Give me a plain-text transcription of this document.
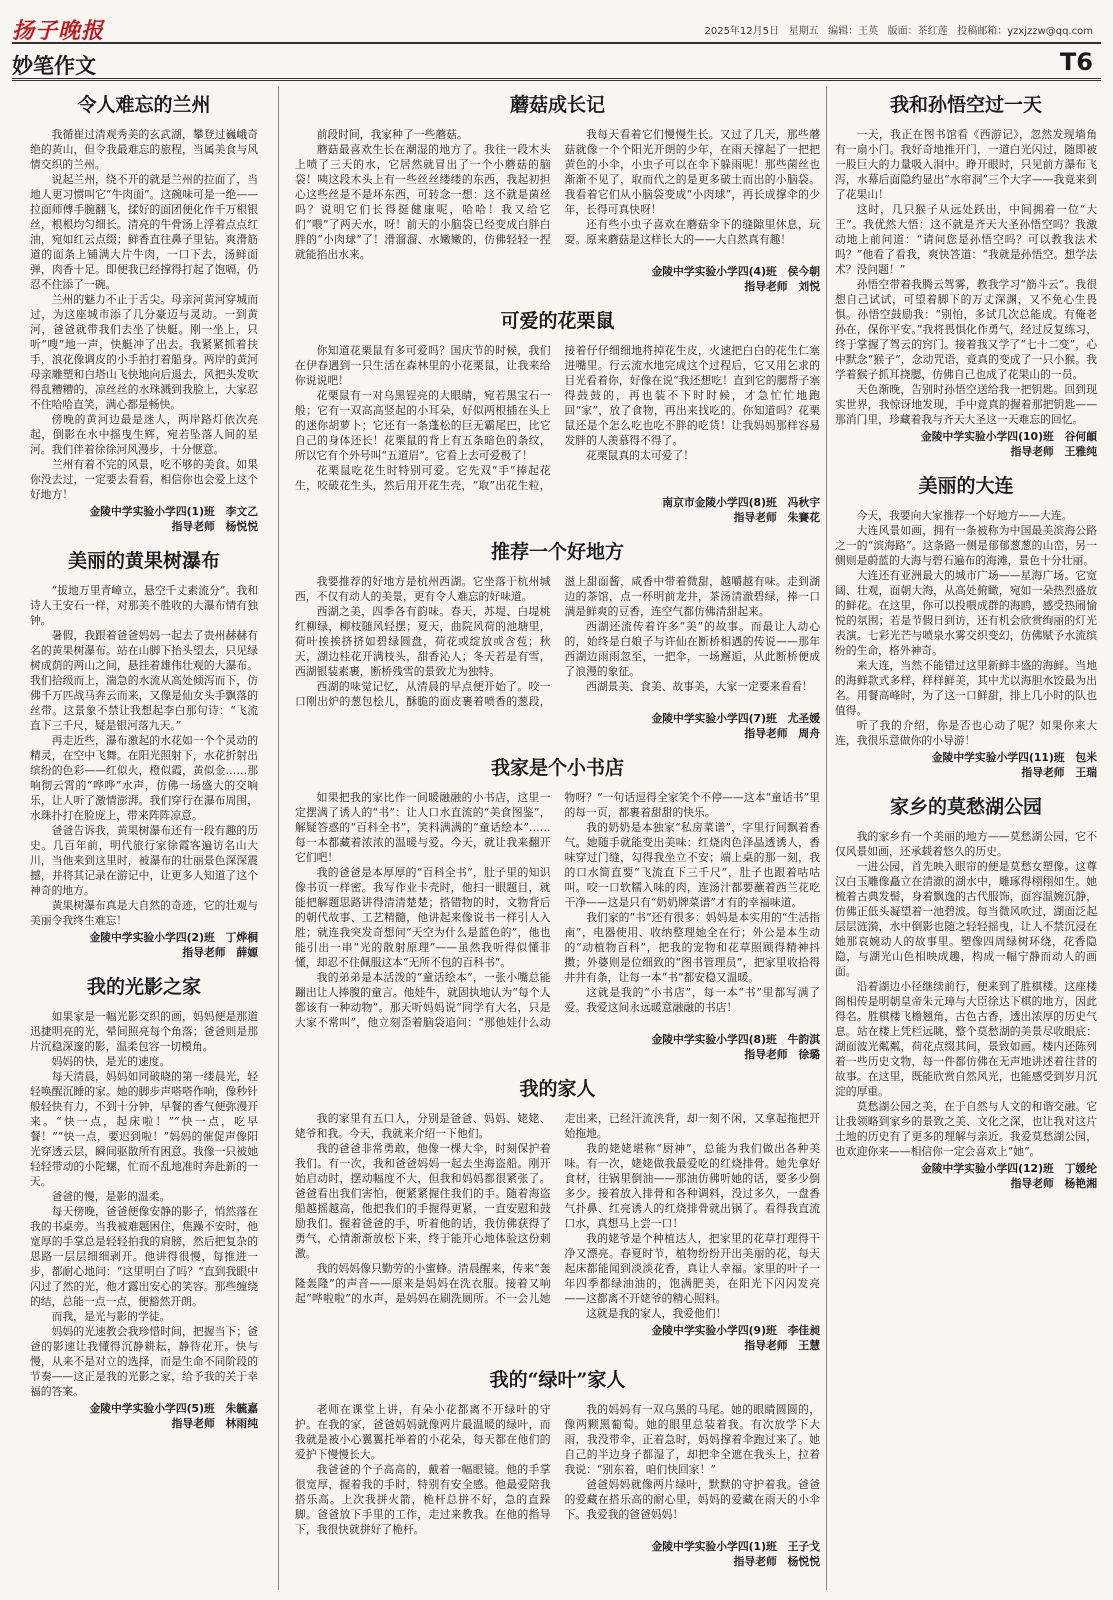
扬子晚报	2025年12月5日 星期五 编辑：王英 版面：茶红莲 投稿邮箱：yzxjzzw@qq.com
妙笔作文	T6
令人难忘的兰州

我循崔过清观秀美的玄武湖，攀登过巍峨奇绝的黄山，但令我最难忘的旅程，当属美食与风情交织的兰州。

说起兰州，绕不开的就是兰州的拉面了，当地人更习惯叫它“牛肉面”。这碗味可是一绝——拉面师傅手腕翻飞，揉好的面团便化作千万根银丝，根根均匀细长。清亮的牛骨汤上浮着点点红油，宛如红云点缀；鲜香直往鼻子里钻。爽滑筋道的面条上铺满大片牛肉，一口下去，汤鲜面弹，肉香十足。即便我已经撑得打起了饱嗝，仍忍不住添了一碗。

兰州的魅力不止于舌尖。母亲河黄河穿城而过，为这座城市添了几分豪迈与灵动。一到黄河，爸爸就带我们去坐了快艇。刚一坐上，只听“嗖”地一声，快艇冲了出去。我紧紧抓着扶手，浪花像调皮的小手拍打着船身。两岸的黄河母亲雕塑和白塔山飞快地向后退去，风把头发吹得乱糟糟的，凉丝丝的水珠溅到我脸上，大家忍不住哈哈直笑，满心都是畅快。

傍晚的黄河边最是迷人，两岸路灯依次亮起，倒影在水中摇曳生辉，宛若坠落人间的星河。我们伴着徐徐河风漫步，十分惬意。

兰州有着不完的风景，吃不够的美食。如果你没去过，一定要去看看，相信你也会爱上这个好地方！

金陵中学实验小学四(1)班　李文乙
指导老师　杨悦悦
美丽的黄果树瀑布

“拔地万里青嶂立，悬空千丈素流分”。我和诗人王安石一样，对那美不胜收的大瀑布情有独钟。

暑假，我跟着爸爸妈妈一起去了贵州赫赫有名的黄果树瀑布。站在山脚下抬头望去，只见绿树成荫的两山之间，悬挂着雄伟壮观的大瀑布。我们拾级而上，湍急的水流从高处倾泻而下，仿佛千万匹战马奔云而来，又像是仙女头手飘落的丝带。这景象不禁让我想起李白那句诗：“飞流直下三千尺，疑是银河落九天。”

再走近些，瀑布激起的水花如一个个灵动的精灵，在空中飞舞。在阳光照射下，水花折射出缤纷的色彩——红似火，橙似霞，黄似金……那响彻云霄的“哗哗”水声，仿佛一场盛大的交响乐，让人听了激情澎湃。我们穿行在瀑布周围，水珠扑打在脸庞上，带来阵阵凉意。

爸爸告诉我，黄果树瀑布还有一段有趣的历史。几百年前，明代旅行家徐霞客遍访名山大川，当他来到这里时，被瀑布的壮丽景色深深震撼，并将其记录在游记中，让更多人知道了这个神奇的地方。

黄果树瀑布真是大自然的奇迹，它的壮观与美丽令我终生难忘！

金陵中学实验小学四(2)班　丁烨桐
指导老师　薛嫄
我的光影之家

如果家是一幅光影交织的画，妈妈便是那道迅捷明亮的光，晕间照亮每个角落；爸爸则是那片沉稳深邃的影，温柔包容一切模角。

妈妈的快，是光的速度。

每天清晨，妈妈如同破晓的第一缕晨光，轻轻唤醒沉睡的家。她的脚步声嗒嗒作响，像秒针般轻快有力，不到十分钟，早餐的香气便弥漫开来。“快一点，起床啦！”“快一点，吃早餐！”“快一点，要迟到啦！”妈妈的催促声像阳光穿透云层，瞬间驱散所有困意。我像一只被她轻轻带动的小陀螺，忙而不乱地准时奔赴新的一天。

爸爸的慢，是影的温柔。

每天傍晚，爸爸便像安静的影子，悄然落在我的书桌旁。当我被难题困住，焦躁不安时，他宽厚的手掌总是轻轻拍我的肩膀，然后把复杂的思路一层层细细剥开。他讲得很慢，每推进一步，都耐心地问：“这里明白了吗？”直到我眼中闪过了然的光，他才露出安心的笑容。那些缠绕的结，总能一点一点，便豁然开朗。

而我，是光与影的学徒。

妈妈的光速教会我珍惜时间，把握当下；爸爸的影速让我懂得沉静耕耘，静待花开。快与慢，从来不是对立的选择，而是生命不同阶段的节奏——这正是我的光影之家，给予我的关于幸福的答案。

金陵中学实验小学四(5)班　朱毓嘉
指导老师　林雨纯
蘑菇成长记

前段时间，我家种了一些蘑菇。

蘑菇最喜欢生长在潮湿的地方了。我往一段木头上喷了三天的水，它居然就冒出了一个小蘑菇的脑袋！咦这段木头上有一些丝丝缕缕的东西，我起初担心这些丝是不是坏东西，可转念一想：这不就是菌丝吗？说明它们长得挺健康呢，哈哈！我又给它们“喂”了两天水，呀！前天的小脑袋已经变成白胖白胖的“小肉球”了！滑溜溜、水嫩嫩的，仿佛轻轻一捏就能掐出水来。

我每天看着它们慢慢生长。又过了几天，那些蘑菇就像一个个阳光开朗的少年，在雨天撑起了一把把黄色的小伞，小虫子可以在伞下躲雨呢！那些菌丝也渐渐不见了，取而代之的是更多破土而出的小脑袋。我看着它们从小脑袋变成“小肉球”，再长成撑伞的少年，长得可真快呀！

还有些小虫子喜欢在蘑菇伞下的缝隙里休息，玩耍。原来蘑菇是这样长大的——大自然真有趣！

金陵中学实验小学四(4)班　侯今朝
指导老师　刘悦
可爱的花栗鼠

你知道花栗鼠有多可爱吗？国庆节的时候，我们在伊春遇到一只生活在森林里的小花栗鼠，让我来给你说说吧！

花栗鼠有一对乌黑锃亮的大眼睛，宛若黑宝石一般；它有一双高高竖起的小耳朵，好似两根插在头上的迷你胡萝卜；它还有一条蓬松的巨无霸尾巴，比它自己的身体还长！花栗鼠的背上有五条暗色的条纹，所以它有个外号叫“五道眉”。它看上去可爱极了！

花栗鼠吃花生时特别可爱。它先双“手”捧起花生，咬破花生头，然后用开花生壳，“取”出花生粒，接着仔仔细细地将掉花生皮，火速把白白的花生仁塞进嘴里。行云流水地完成这个过程后，它又用乞求的目光看着你，好像在说“我还想吃！直到它的腮帮子塞得鼓鼓的，再也装不下时时候，才急忙忙地跑回“家”，放了食物，再出来找吃的。你知道吗？花栗鼠还是个怎么吃也吃不胖的吃货！让我妈妈那样容易发胖的人羡慕得不得了。

花栗鼠真的太可爱了！

南京市金陵小学四(8)班　冯秋宇
指导老师　朱賽花
推荐一个好地方

我要推荐的好地方是杭州西湖。它坐落于杭州城西，不仅有动人的美景，更有令人难忘的好味道。

西湖之美，四季各有韵味。春天，苏堤、白堤桃红柳绿，柳枝随风轻摆；夏天，曲院风荷的池塘里，荷叶挨挨挤挤如碧绿圆盘，荷花或绽放或含苞；秋天，湖边桂花开满枝头，甜香沁人；冬天若是有雪，西湖银装素裹，断桥残雪的景致尤为独特。

西湖的味觉记忆，从清晨的早点便开始了。咬一口刚出炉的葱包桧儿，酥脆的面皮裹着喷香的葱段，滋上甜面酱，咸香中带着微甜，越嚼越有味。走到湖边的茶馆，点一杯明前龙井，茶汤清澈碧绿，捧一口满是鲜爽的豆香，连空气都仿佛清甜起来。

西湖还流传着许多“美”的故事。而最让人动心的，始终是白娘子与许仙在断桥相遇的传说——那年西湖边雨雨忽至，一把伞，一场邂逅，从此断桥便成了浪漫的象征。

西湖景美、食美、故事美，大家一定要来看看！

金陵中学实验小学四(7)班　尤圣媛
指导老师　周舟
我家是个小书店

如果把我的家比作一间暖融融的小书店，这里一定摆满了诱人的“书”：让人口水直流的“美食图鉴”，解疑答惑的“百科全书”，笑料满满的“童话绘本”……每一本都藏着浓浓的温暖与爱。今天，就让我来翻开它们吧！

我的爸爸是本厚厚的“百科全书”，肚子里的知识像书页一样密。我写作业卡壳时，他扫一眼题目，就能把解题思路讲得清清楚楚；搭错物的时，文物背后的朝代故事、工艺精髓，他讲起来像说书一样引人入胜；就连我突发奇想问“天空为什么是蓝色的”，他也能引出一串“光的散射原理”——虽然我听得似懂非懂，却忍不住佩服这本“无所不包的百科书”。

我的弟弟是本活泼的“童话绘本”，一张小嘴总能蹦出让人捧腹的童言。他娃牛，就固执地认为“每个人都该有一种动物”。那天听妈妈说“同学有大名，只是大家不常叫”，他立刻歪着脑袋追问：“那他娃什么动物呀？”一句话逗得全家笑个不停——这本“童话书”里的每一页，都裹着甜甜的快乐。

我的奶奶是本独家“私房菜谱”，字里行间飘着香气。她随手就能变出美味：红烧肉色泽晶透诱人，香味穿过门缝，勾得我坐立不安；端上桌的那一刻，我的口水简直要“飞流直下三千尺”，肚子也跟着咕咕叫。咬一口软糯入味的肉，连汤汁都要蘸着西兰花吃干净——这是只有“奶奶牌菜谱”才有的幸福味道。

我们家的“书”还有很多：妈妈是本实用的“生活指南”，电器使用、收纳整理她全在行；外公是本生动的“动植物百科”，把我的宠物和花草照顾得精神抖擞；外婆则是位细致的“图书管理员”，把家里收拾得井井有条，让每一本“书”都安稳又温暖。

这就是我的“小书店”，每一本“书”里都写满了爱。我爱这间永远暖意融融的书店！

金陵中学实验小学四(8)班　牛韵淇
指导老师　徐璐
我的家人

我的家里有五口人，分别是爸爸、妈妈、姥姥、姥爷和我。今天，我就来介绍一下他们。

我的爸爸非常勇敢，他像一棵大伞，时刻保护着我们。有一次，我和爸爸妈妈一起去坐海盗船。刚开始启动时，摆动幅度不大，但我和妈妈都很紧张了。爸爸看出我们害怕，便紧紧握住我们的手。随着海盗船越摇越高，他把我们的手握得更紧，一直安慰和鼓励我们。握着爸爸的手，听着他的话，我仿佛获得了勇气，心情渐渐放松下来，终于能开心地体验这份刺激。

我的妈妈像只勤劳的小蜜蜂。清晨醒来，传来“轰隆轰隆”的声音——原来是妈妈在洗衣服。接着又响起“哗啦啦”的水声，是妈妈在刷洗厕所。不一会儿她走出来，已经汗流浃背，却一刻不闲，又拿起拖把开始拖地。

我的姥姥堪称“厨神”，总能为我们做出各种美味。有一次，姥姥做我最爱吃的红烧排骨。她先拿好食材，往锅里倒油——那油仿佛听她的话，要多少倒多少。接着放入排骨和各种调料，没过多久，一盘香气扑鼻、红亮诱人的红烧排骨就出锅了。看得我直流口水，真想马上尝一口！

我的姥爷是个种植达人，把家里的花草打理得干净又漂亮。春夏时节，植物纷纷开出美丽的花，每天起床都能闻到淡淡花香，真让人幸福。家里的叶子一年四季都绿油油的，饱满肥美，在阳光下闪闪发亮——这都离不开姥爷的精心照料。

这就是我的家人，我爱他们！

金陵中学实验小学四(9)班　李佳昶
指导老师　王慧
我的“绿叶”家人

老师在课堂上讲，有朵小花都离不开绿叶的守护。在我的家，爸爸妈妈就像两片最温暖的绿叶，而我就是被小心翼翼托举着的小花朵，每天都在他们的爱护下慢慢长大。

我爸爸的个子高高的，戴着一幅眼镜。他的手掌很宽厚，握着我的手时，特别有安全感。他最爱陪我搭乐高。上次我拼火箭，桅杆总拼不好，急的直跺脚。爸爸放下手里的工作，走过来教我。在他的指导下，我很快就拼好了桅杆。

我的妈妈有一双乌黑的马尾。她的眼睛圆圆的，像两颗黑葡萄。她的眼里总装着我。有次放学下大雨，我没带伞，正着急时，妈妈撑着伞跑过来了。她自己的半边身子都湿了，却把伞全遮在我头上，拉着我说：“别东着，咱们快回家！”

爸爸妈妈就像两片绿叶，默默的守护着我。爸爸的爱藏在搭乐高的耐心里，妈妈的爱藏在雨天的小伞下。我爱我的爸爸妈妈！

金陵中学实验小学四(1)班　王子戈
指导老师　杨悦悦
我和孙悟空过一天

一天，我正在图书馆看《西游记》，忽然发现墙角有一扇小门。我好奇地推开门，一道白光闪过，随即被一股巨大的力量吸入洞中。睁开眼时，只见前方瀑布飞泻，水幕后面隐约显出“水帘洞”三个大字——我竟来到了花果山！

这时，几只猴子从远处跃出，中间拥着一位“大王”。我优然大悟：这不就是齐天大圣孙悟空吗？我激动地上前问道：“请问您是孙悟空吗？可以教我法术吗？”他看了看我，爽快答道：“我就是孙悟空。想学法术？没问题！”

孙悟空带着我腾云驾雾，教我学习“筋斗云”。我很想自己试试，可望着脚下的万丈深渊，又不免心生畏惧。孙悟空鼓励我：“别怕，多试几次总能成。有俺老孙在，保你平安。”我将畏惧化作勇气，经过反复练习，终于掌握了驾云的窍门。接着我又学了“七十二变”，心中默念“猴子”，念动咒语，竟真的变成了一只小猴。我学着猴子抓耳挠腮，仿佛自己也成了花果山的一员。

天色渐晚，告别时孙悟空送给我一把钥匙。回到现实世界，我惊讶地发现，手中竟真的握着那把钥匙——那消门里，珍藏着我与齐天大圣这一天难忘的回忆。

金陵中学实验小学四(10)班　谷何頔
指导老师　王雅纯
美丽的大连

今天，我要向大家推荐一个好地方——大连。

大连风景如画，拥有一条被称为中国最美滨海公路之一的“滨海路”。这条路一侧是郁郁葱葱的山峦，另一侧则是蔚蓝的大海与碧石遍布的海滩，景色十分壮丽。

大连还有亚洲最大的城市广场——星海广场。它宽阔、壮观，面朝大海，从高处俯瞰，宛如一朵热烈盛放的鲜花。在这里，你可以投喂成群的海鸥，感受热闹愉悦的氛围；若是节假日到访，还有机会欣赏绚丽的灯光表演。七彩光芒与喷泉水雾交织变幻，仿佛赋予水流缤纷的生命，格外神奇。

来大连，当然不能错过这里新鲜丰盛的海鲜。当地的海鲜款式多样，样样鲜美，其中尤以海胆水饺最为出名。用餐高峰时，为了这一口鲜甜，排上几小时的队也值得。

听了我的介绍，你是否也心动了呢？如果你来大连，我很乐意做你的小导游！

金陵中学实验小学四(11)班　包米
指导老师　王瑞
家乡的莫愁湖公园

我的家乡有一个美丽的地方——莫愁湖公园，它不仅风景如画，还承载着悠久的历史。

一进公园，首先映入眼帘的便是莫愁女塑像。这尊汉白玉雕像矗立在清澈的湖水中，雕琢得栩栩如生。她梳着古典发髻，身着飘逸的古代服饰，面容温婉沉静，仿佛正低头凝望着一池碧波。每当微风吹过，湖面泛起层层涟漪，水中倒影也随之轻轻摇曳，让人不禁沉浸在她那哀婉动人的故事里。塑像四周绿树环绕，花香隐隐，与湖光山色相映成趣，构成一幅宁静而动人的画面。

沿着湖边小径继续前行，便来到了胜棋楼。这座楼阁相传是明朝皇帝朱元璋与大臣徐达下棋的地方，因此得名。胜棋楼飞檐翘角，古色古香，透出浓厚的历史气息。站在楼上凭栏远眺，整个莫愁湖的美景尽收眼底：湖面波光粼粼，荷花点缀其间，景致如画。楼内还陈列着一些历史文物，每一件都仿佛在无声地讲述着往昔的故事。在这里，既能欣赏自然风光，也能感受到岁月沉淀的厚重。

莫愁湖公园之美，在于自然与人文的和谐交融。它让我领略到家乡的景致之美、文化之深，也让我对这片土地的历史有了更多的理解与亲近。我爱莫愁湖公园，也欢迎你来——相信你一定会喜欢上“她”。

金陵中学实验小学四(12)班　丁媛纶
指导老师　杨艳湘
